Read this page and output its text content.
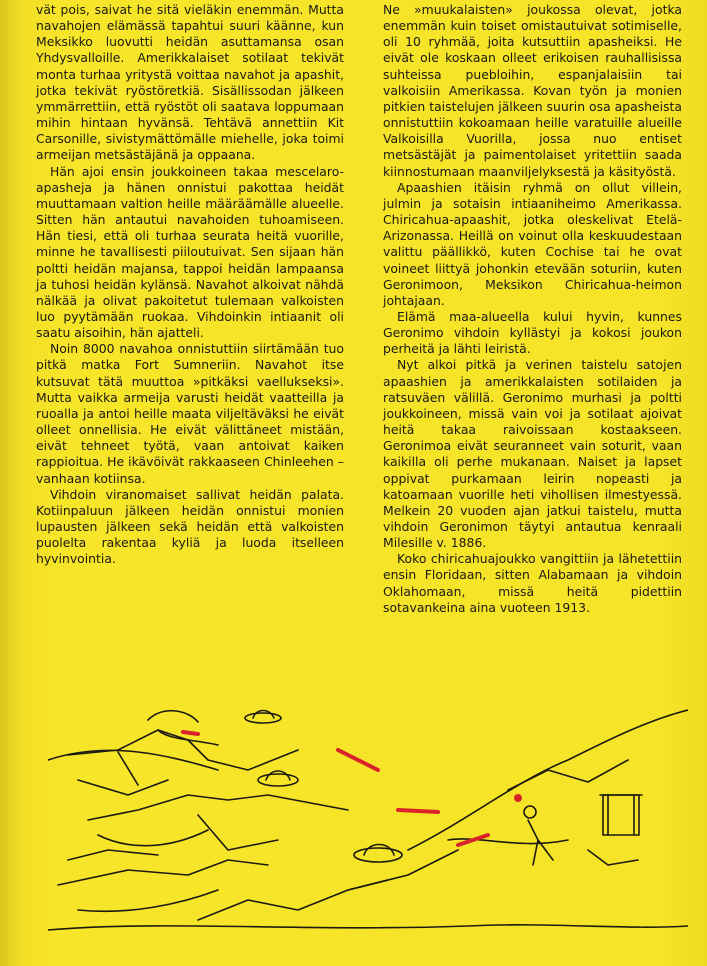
vät pois, saivat he sitä vieläkin enemmän. Mutta navahojen elämässä tapahtui suuri käänne, kun Meksikko luovutti heidän asuttamansa osan Yhdysvalloille. Amerikkalaiset sotilaat tekivät monta turhaa yritystä voittaa navahot ja apashit, jotka tekivät ryöstöretkiä. Sisällissodan jälkeen ymmärrettiin, että ryöstöt oli saatava loppumaan mihin hintaan hyvänsä. Tehtävä annettiin Kit Carsonille, sivistymättömälle miehelle, joka toimi armeijan metsästäjänä ja oppaana.

Hän ajoi ensin joukkoineen takaa mescelaro-apasheja ja hänen onnistui pakottaa heidät muuttamaan valtion heille määräämälle alueelle. Sitten hän antautui navahoiden tuhoamiseen. Hän tiesi, että oli turhaa seurata heitä vuorille, minne he tavallisesti piiloutuivat. Sen sijaan hän poltti heidän majansa, tappoi heidän lampaansa ja tuhosi heidän kylänsä. Navahot alkoivat nähdä nälkää ja olivat pakoitetut tulemaan valkoisten luo pyytämään ruokaa. Vihdoinkin intiaanit oli saatu aisoihin, hän ajatteli.

Noin 8000 navahoa onnistuttiin siirtämään tuo pitkä matka Fort Sumneriin. Navahot itse kutsuvat tätä muuttoa »pitkäksi vaellukseksi». Mutta vaikka armeija varusti heidät vaatteilla ja ruoalla ja antoi heille maata viljeltäväksi he eivät olleet onnellisia. He eivät välittäneet mistään, eivät tehneet työtä, vaan antoivat kaiken rappioitua. He ikävöivät rakkaaseen Chinleehen – vanhaan kotiinsa.

Vihdoin viranomaiset sallivat heidän palata. Kotiinpaluun jälkeen heidän onnistui monien lupausten jälkeen sekä heidän että valkoisten puolelta rakentaa kyliä ja luoda itselleen hyvinvointia.

Ne »muukalaisten» joukossa olevat, jotka enemmän kuin toiset omistautuivat sotimiselle, oli 10 ryhmää, joita kutsuttiin apasheiksi. He eivät ole koskaan olleet erikoisen rauhallisissa suhteissa puebloihin, espanjalaisiin tai valkoisiin Amerikassa. Kovan työn ja monien pitkien taistelujen jälkeen suurin osa apasheista onnistuttiin kokoamaan heille varatuille alueille Valkoisilla Vuorilla, jossa nuo entiset metsästäjät ja paimentolaiset yritettiin saada kiinnostumaan maanviljelyksestä ja käsityöstä.

Apaashien itäisin ryhmä on ollut villein, julmin ja sotaisin intiaaniheimo Amerikassa. Chiricahua-apaashit, jotka oleskelivat Etelä-Arizonassa. Heillä on voinut olla keskuudestaan valittu päällikkö, kuten Cochise tai he ovat voineet liittyä johonkin etevään soturiin, kuten Geronimoon, Meksikon Chiricahua-heimon johtajaan.

Elämä maa-alueella kului hyvin, kunnes Geronimo vihdoin kyllästyi ja kokosi joukon perheitä ja lähti leiristä.

Nyt alkoi pitkä ja verinen taistelu satojen apaashien ja amerikkalaisten sotilaiden ja ratsuväen välillä. Geronimo murhasi ja poltti joukkoineen, missä vain voi ja sotilaat ajoivat heitä takaa raivoissaan kostaakseen. Geronimoa eivät seuranneet vain soturit, vaan kaikilla oli perhe mukanaan. Naiset ja lapset oppivat purkamaan leirin nopeasti ja katoamaan vuorille heti vihollisen ilmestyessä. Melkein 20 vuoden ajan jatkui taistelu, mutta vihdoin Geronimon täytyi antautua kenraali Milesille v. 1886.

Koko chiricahuajoukko vangittiin ja lähetettiin ensin Floridaan, sitten Alabamaan ja vihdoin Oklahomaan, missä heitä pidettiin sotavankeina aina vuoteen 1913.
